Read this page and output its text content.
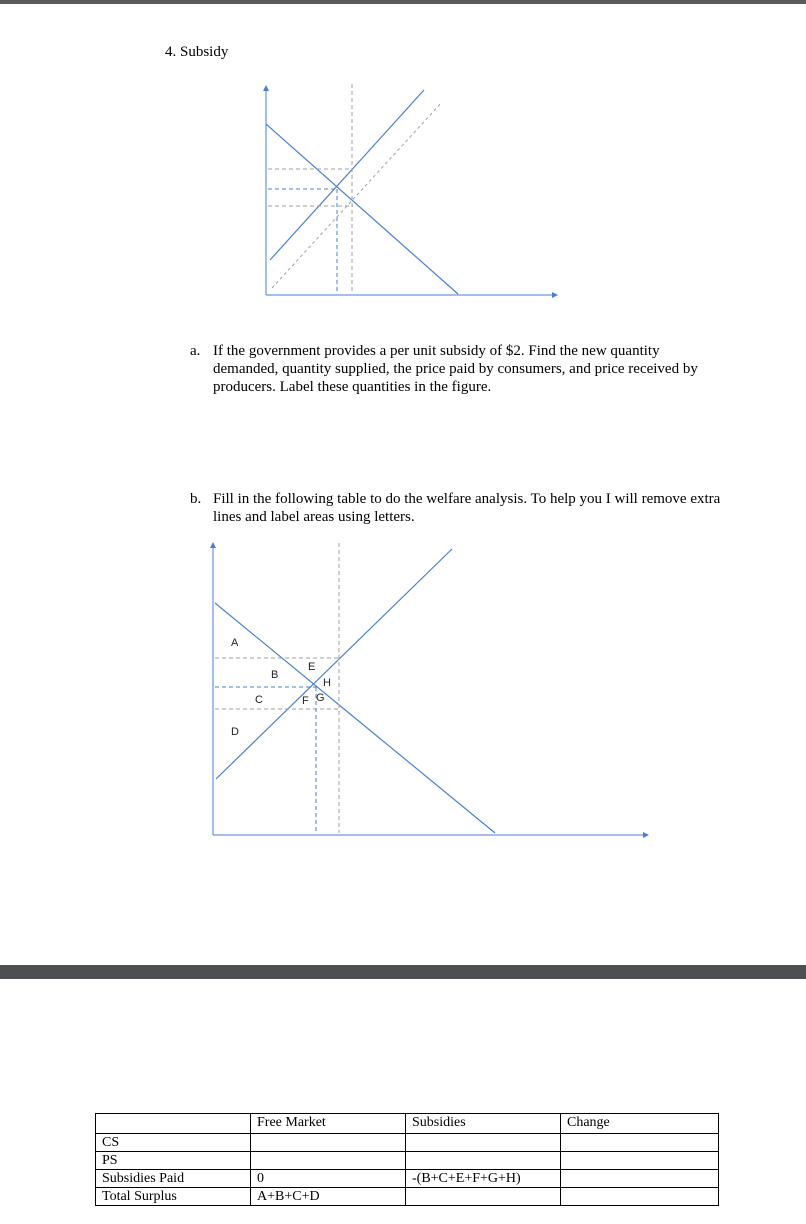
4. Subsidy
a. If the government provides a per unit subsidy of $2. Find the new quantity demanded, quantity supplied, the price paid by consumers, and price received by producers. Label these quantities in the figure.
b. Fill in the following table to do the welfare analysis. To help you I will remove extra lines and label areas using letters.
A
B
C
D
E
F G
H
	Free Market	Subsidies	Change
CS			
PS			
Subsidies Paid	0	-(B+C+E+F+G+H)	
Total Surplus	A+B+C+D		
